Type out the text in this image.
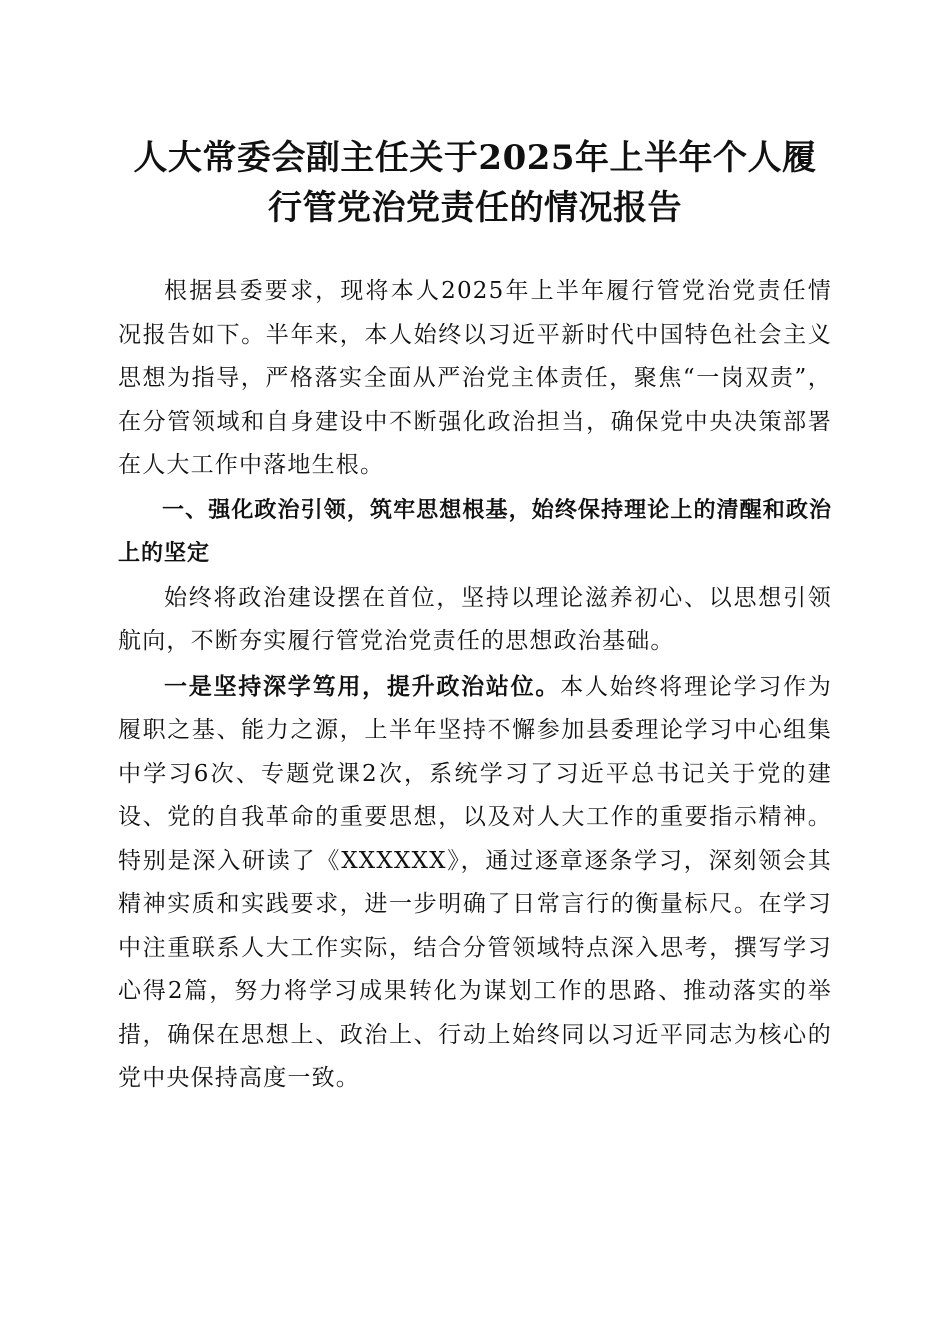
人大常委会副主任关于2025年上半年个人履
行管党治党责任的情况报告

根据县委要求，现将本人2025年上半年履行管党治党责任情况报告如下。半年来，本人始终以习近平新时代中国特色社会主义思想为指导，严格落实全面从严治党主体责任，聚焦“一岗双责”，在分管领域和自身建设中不断强化政治担当，确保党中央决策部署在人大工作中落地生根。

一、强化政治引领，筑牢思想根基，始终保持理论上的清醒和政治上的坚定

始终将政治建设摆在首位，坚持以理论滋养初心、以思想引领航向，不断夯实履行管党治党责任的思想政治基础。

一是坚持深学笃用，提升政治站位。本人始终将理论学习作为履职之基、能力之源，上半年坚持不懈参加县委理论学习中心组集中学习6次、专题党课2次，系统学习了习近平总书记关于党的建设、党的自我革命的重要思想，以及对人大工作的重要指示精神。特别是深入研读了《XXXXXX》，通过逐章逐条学习，深刻领会其精神实质和实践要求，进一步明确了日常言行的衡量标尺。在学习中注重联系人大工作实际，结合分管领域特点深入思考，撰写学习心得2篇，努力将学习成果转化为谋划工作的思路、推动落实的举措，确保在思想上、政治上、行动上始终同以习近平同志为核心的党中央保持高度一致。
